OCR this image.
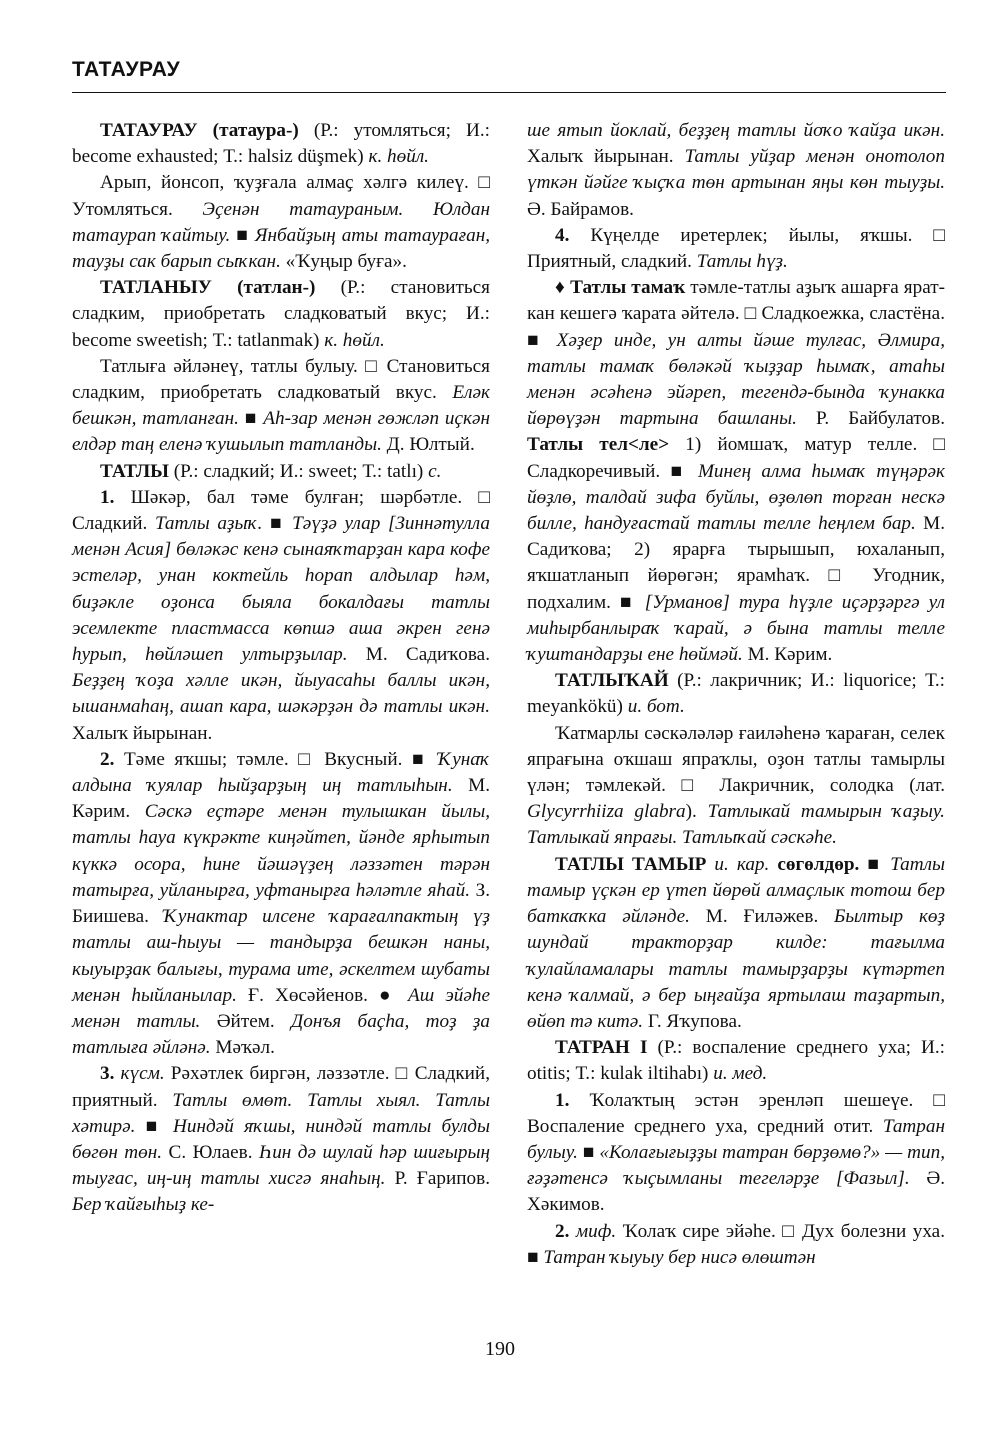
ТАТАУРАУ

ТАТАУРАУ (татаура-) (Р.: утомляться; И.: become exhausted; Т.: halsiz düşmek) к. һөйл.

Арып, йонсоп, ҡуҙғала алмаҫ хәлгә килеү. □ Утомляться. Эҫенән татаураным. Юлдан татаурап ҡайтыу. ■ Янбайҙың аты татаураған, тауҙы сак барып сыҡкан. «Ҡуңыр буға».

ТАТЛАНЫУ (татлан-) (Р.: становиться сладким, приобретать сладковатый вкус; И.: become sweetish; Т.: tatlanmak) к. һөйл.

Татлыға әйләнеү, татлы булыу. □ Становиться сладким, приобретать сладковатый вкус. Еләк бешкән, татланған. ■ Аһ-зар менән гөжләп иҫкән елдәр таң еленә ҡушылып татланды. Д. Юлтый.

ТАТЛЫ (Р.: сладкий; И.: sweet; Т.: tatlı) с.

1. Шәкәр, бал тәме булған; шәрбәтле. □ Сладкий. Татлы аҙыҡ. ■ Тәүҙә улар [Зиннәтулла менән Асия] бөләкәс кенә сынаяҡтарҙан кара кофе эстеләр, унан коктейль һорап алдылар һәм, биҙәкле оҙонса быяла бокалдағы татлы эсемлекте пластмасса көпшә аша әкрен генә һурып, һөйләшеп ултырҙылар. М. Садиҡова. Беҙҙең ҡоҙа хәлле икән, йыуасаһы баллы икән, ышанмаһаң, ашап кара, шәкәрҙән дә татлы икән. Халыҡ йырынан.

2. Тәме яҡшы; тәмле. □ Вкусный. ■ Ҡунаҡ алдына ҡуялар һыйҙарҙың иң татлыһын. М. Кәрим. Сәскә еҫтәре менән тулышкан йылы, татлы һауа күкрәкте киңәйтеп, йәнде ярһытып күккә осора, һине йәшәүҙең ләззәтен тәрән татырға, уйланырға, уфтанырға һәләтле яһай. З. Биишева. Ҡунактар илсене ҡарағалпактың үҙ татлы аш-һыуы — тандырҙа бешкән наны, кыуырҙак балығы, турама ите, әскелтем шубаты менән һыйланылар. Ғ. Хөсәйенов. ● Аш эйәһе менән татлы. Әйтем. Донъя баҫһа, тоҙ ҙа татлыға әйләнә. Мәҡәл.

3. күсм. Рәхәтлек биргән, ләззәтле. □ Сладкий, приятный. Татлы өмөт. Татлы хыял. Татлы хәтирә. ■ Ниндәй яҡшы, ниндәй татлы булды бөгөн төн. С. Юлаев. Һин дә шулай һәр шиғырың тыуғас, иң-иң татлы хисгә янаһың. Р. Ғарипов. Бер ҡайғыһыҙ ке-

ше ятып йоклай, беҙҙең татлы йоҡо ҡайҙа икән. Халыҡ йырынан. Татлы уйҙар менән онотолоп үткән йәйге ҡыҫҡа төн артынан яңы көн тыуҙы. Ә. Байрамов.

4. Күңелде иретерлек; йылы, яҡшы. □ Приятный, сладкий. Татлы һүҙ.

♦ Татлы тамаҡ тәмле-татлы аҙыҡ ашарға яраткан кешегә ҡарата әйтелә. □ Сладкоежка, сластёна. ■ Хәҙер инде, ун алты йәше тулғас, Әлмира, татлы тамаҡ бөләкәй ҡыҙҙар һымаҡ, атаһы менән әсәһенә эйәреп, тегендә-бында ҡунакка йөрөүҙән тартына башланы. Р. Байбулатов. Татлы тел<ле> 1) йомшаҡ, матур телле. □ Сладкоречивый. ■ Минең алма һымаҡ түңәрәк йөҙлө, талдай зифа буйлы, өҙөлөп торған нескә билле, һандуғастай татлы телле һеңлем бар. М. Садиҡова; 2) ярарға тырышып, юхаланып, яҡшатланып йөрөгән; ярамһаҡ. □ Угодник, подхалим. ■ [Урманов] тура һүҙле иҫәрҙәргә ул миһырбанлыраҡ ҡарай, ә бына татлы телле ҡуштандарҙы ене һөймәй. М. Кәрим.

ТАТЛЫҠАЙ (Р.: лакричник; И.: liquorice; Т.: meyankökü) и. бот.

Ҡатмарлы сәскәләләр ғаиләһенә ҡараған, селек япрағына оҡшаш япраҡлы, оҙон татлы тамырлы үлән; тәмлекәй. □ Лакричник, солодка (лат. Glycyrrhiiza glabra). Татлыкай тамырын ҡаҙыу. Татлыкай япрағы. Татлыҡай сәскәһе.

ТАТЛЫ ТАМЫР и. кар. сөгөлдөр. ■ Татлы тамыр үҫкән ер үтеп йөрөй алмаҫлык тотош бер баткаҡка әйләнде. М. Ғиләжев. Былтыр көҙ шундай тракторҙар килде: тағылма ҡулайламалары татлы тамырҙарҙы күтәртеп кенә ҡалмай, ә бер ыңғайҙа яртылаш таҙартып, өйөп тә китә. Г. Яҡупова.

ТАТРАН I (Р.: воспаление среднего уха; И.: otitis; Т.: kulak iltihabı) и. мед.

1. Ҡолаҡтың эстән эренләп шешеүе. □ Воспаление среднего уха, средний отит. Татран булыу. ■ «Колағығыҙҙы татран бөрҙөмө?» — тип, ғәҙәтенсә ҡыҫымланы тегеләрҙе [Фазыл]. Ә. Хәкимов.

2. миф. Ҡолаҡ сире эйәһе. □ Дух болезни уха. ■ Татран ҡыуыу бер нисә өлөштән

190
